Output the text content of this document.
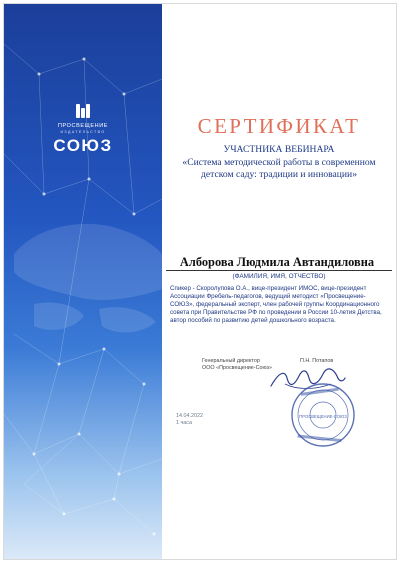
ПРОСВЕЩЕНИЕ
ИЗДАТЕЛЬСТВО
СОЮЗ
СЕРТИФИКАТ
УЧАСТНИКА ВЕБИНАРА
«Система методической работы в современном
детском саду: традиции и инновации»
Алборова Людмила Автандиловна
(ФАМИЛИЯ, ИМЯ, ОТЧЕСТВО)
Спикер - Скоролупова О.А., вице-президент ИМОС, вице-президент Ассоциации Фребель-педагогов, ведущий методист «Просвещение-СОЮЗ», федеральный эксперт, член рабочей группы Координационного совета при Правительстве РФ по проведении в России 10-летия Детства, автор пособий по развитию детей дошкольного возраста.
Генеральный директор
ООО «Просвещение-Союз»
П.Н. Потапов
ПРОСВЕЩЕНИЕ-СОЮЗ
14.04.2022
1 часа
